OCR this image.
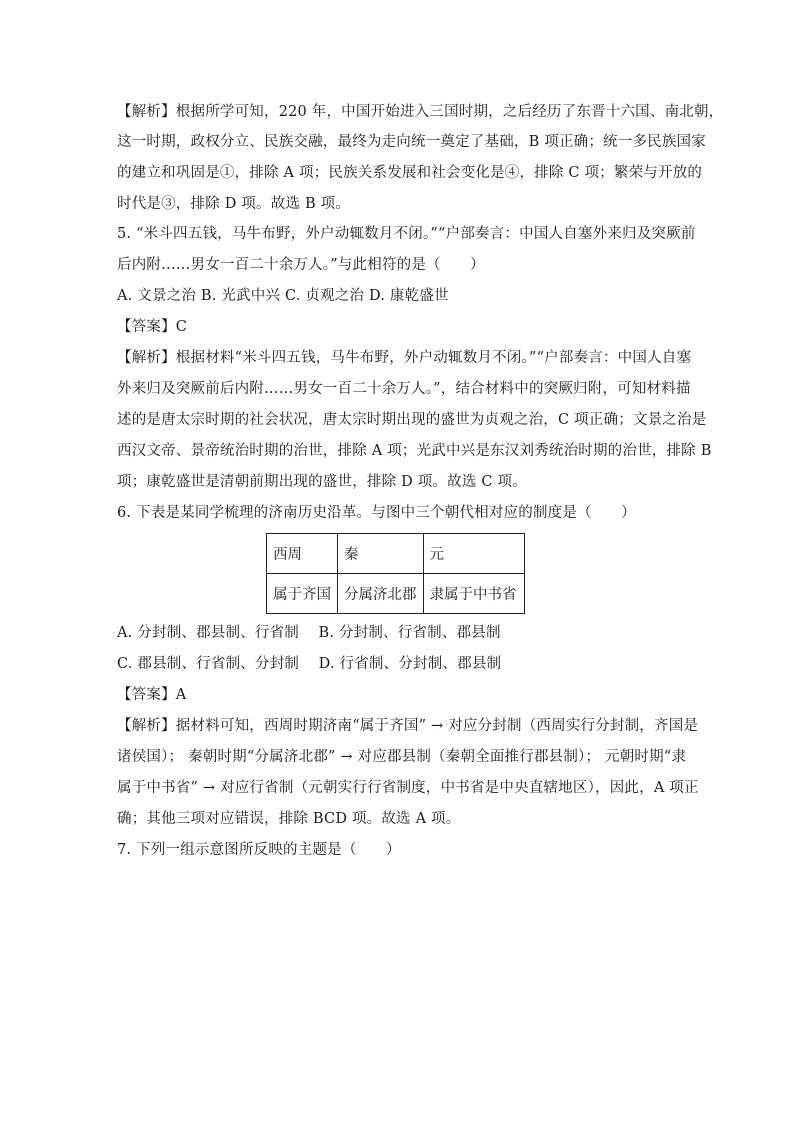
【解析】根据所学可知，220 年，中国开始进入三国时期，之后经历了东晋十六国、南北朝，
这一时期，政权分立、民族交融，最终为走向统一奠定了基础，B 项正确；统一多民族国家
的建立和巩固是①，排除 A 项；民族关系发展和社会变化是④，排除 C 项；繁荣与开放的
时代是③，排除 D 项。故选 B 项。
5. “米斗四五钱，马牛布野，外户动辄数月不闭。”“户部奏言：中国人自塞外来归及突厥前
后内附……男女一百二十余万人。”与此相符的是（　　）
A. 文景之治 B. 光武中兴 C. 贞观之治 D. 康乾盛世
【答案】C
【解析】根据材料“米斗四五钱，马牛布野，外户动辄数月不闭。”“户部奏言：中国人自塞
外来归及突厥前后内附……男女一百二十余万人。”，结合材料中的突厥归附，可知材料描
述的是唐太宗时期的社会状况，唐太宗时期出现的盛世为贞观之治，C 项正确；文景之治是
西汉文帝、景帝统治时期的治世，排除 A 项；光武中兴是东汉刘秀统治时期的治世，排除 B
项；康乾盛世是清朝前期出现的盛世，排除 D 项。故选 C 项。
6. 下表是某同学梳理的济南历史沿革。与图中三个朝代相对应的制度是（　　）
西周	秦	元
属于齐国	分属济北郡	隶属于中书省
A. 分封制、郡县制、行省制　 B. 分封制、行省制、郡县制
C. 郡县制、行省制、分封制　 D. 行省制、分封制、郡县制
【答案】A
【解析】据材料可知，西周时期济南“属于齐国” → 对应分封制（西周实行分封制，齐国是
诸侯国）； 秦朝时期“分属济北郡” → 对应郡县制（秦朝全面推行郡县制）； 元朝时期“隶
属于中书省” → 对应行省制（元朝实行行省制度，中书省是中央直辖地区），因此，A 项正
确；其他三项对应错误，排除 BCD 项。故选 A 项。
7. 下列一组示意图所反映的主题是（　　）
